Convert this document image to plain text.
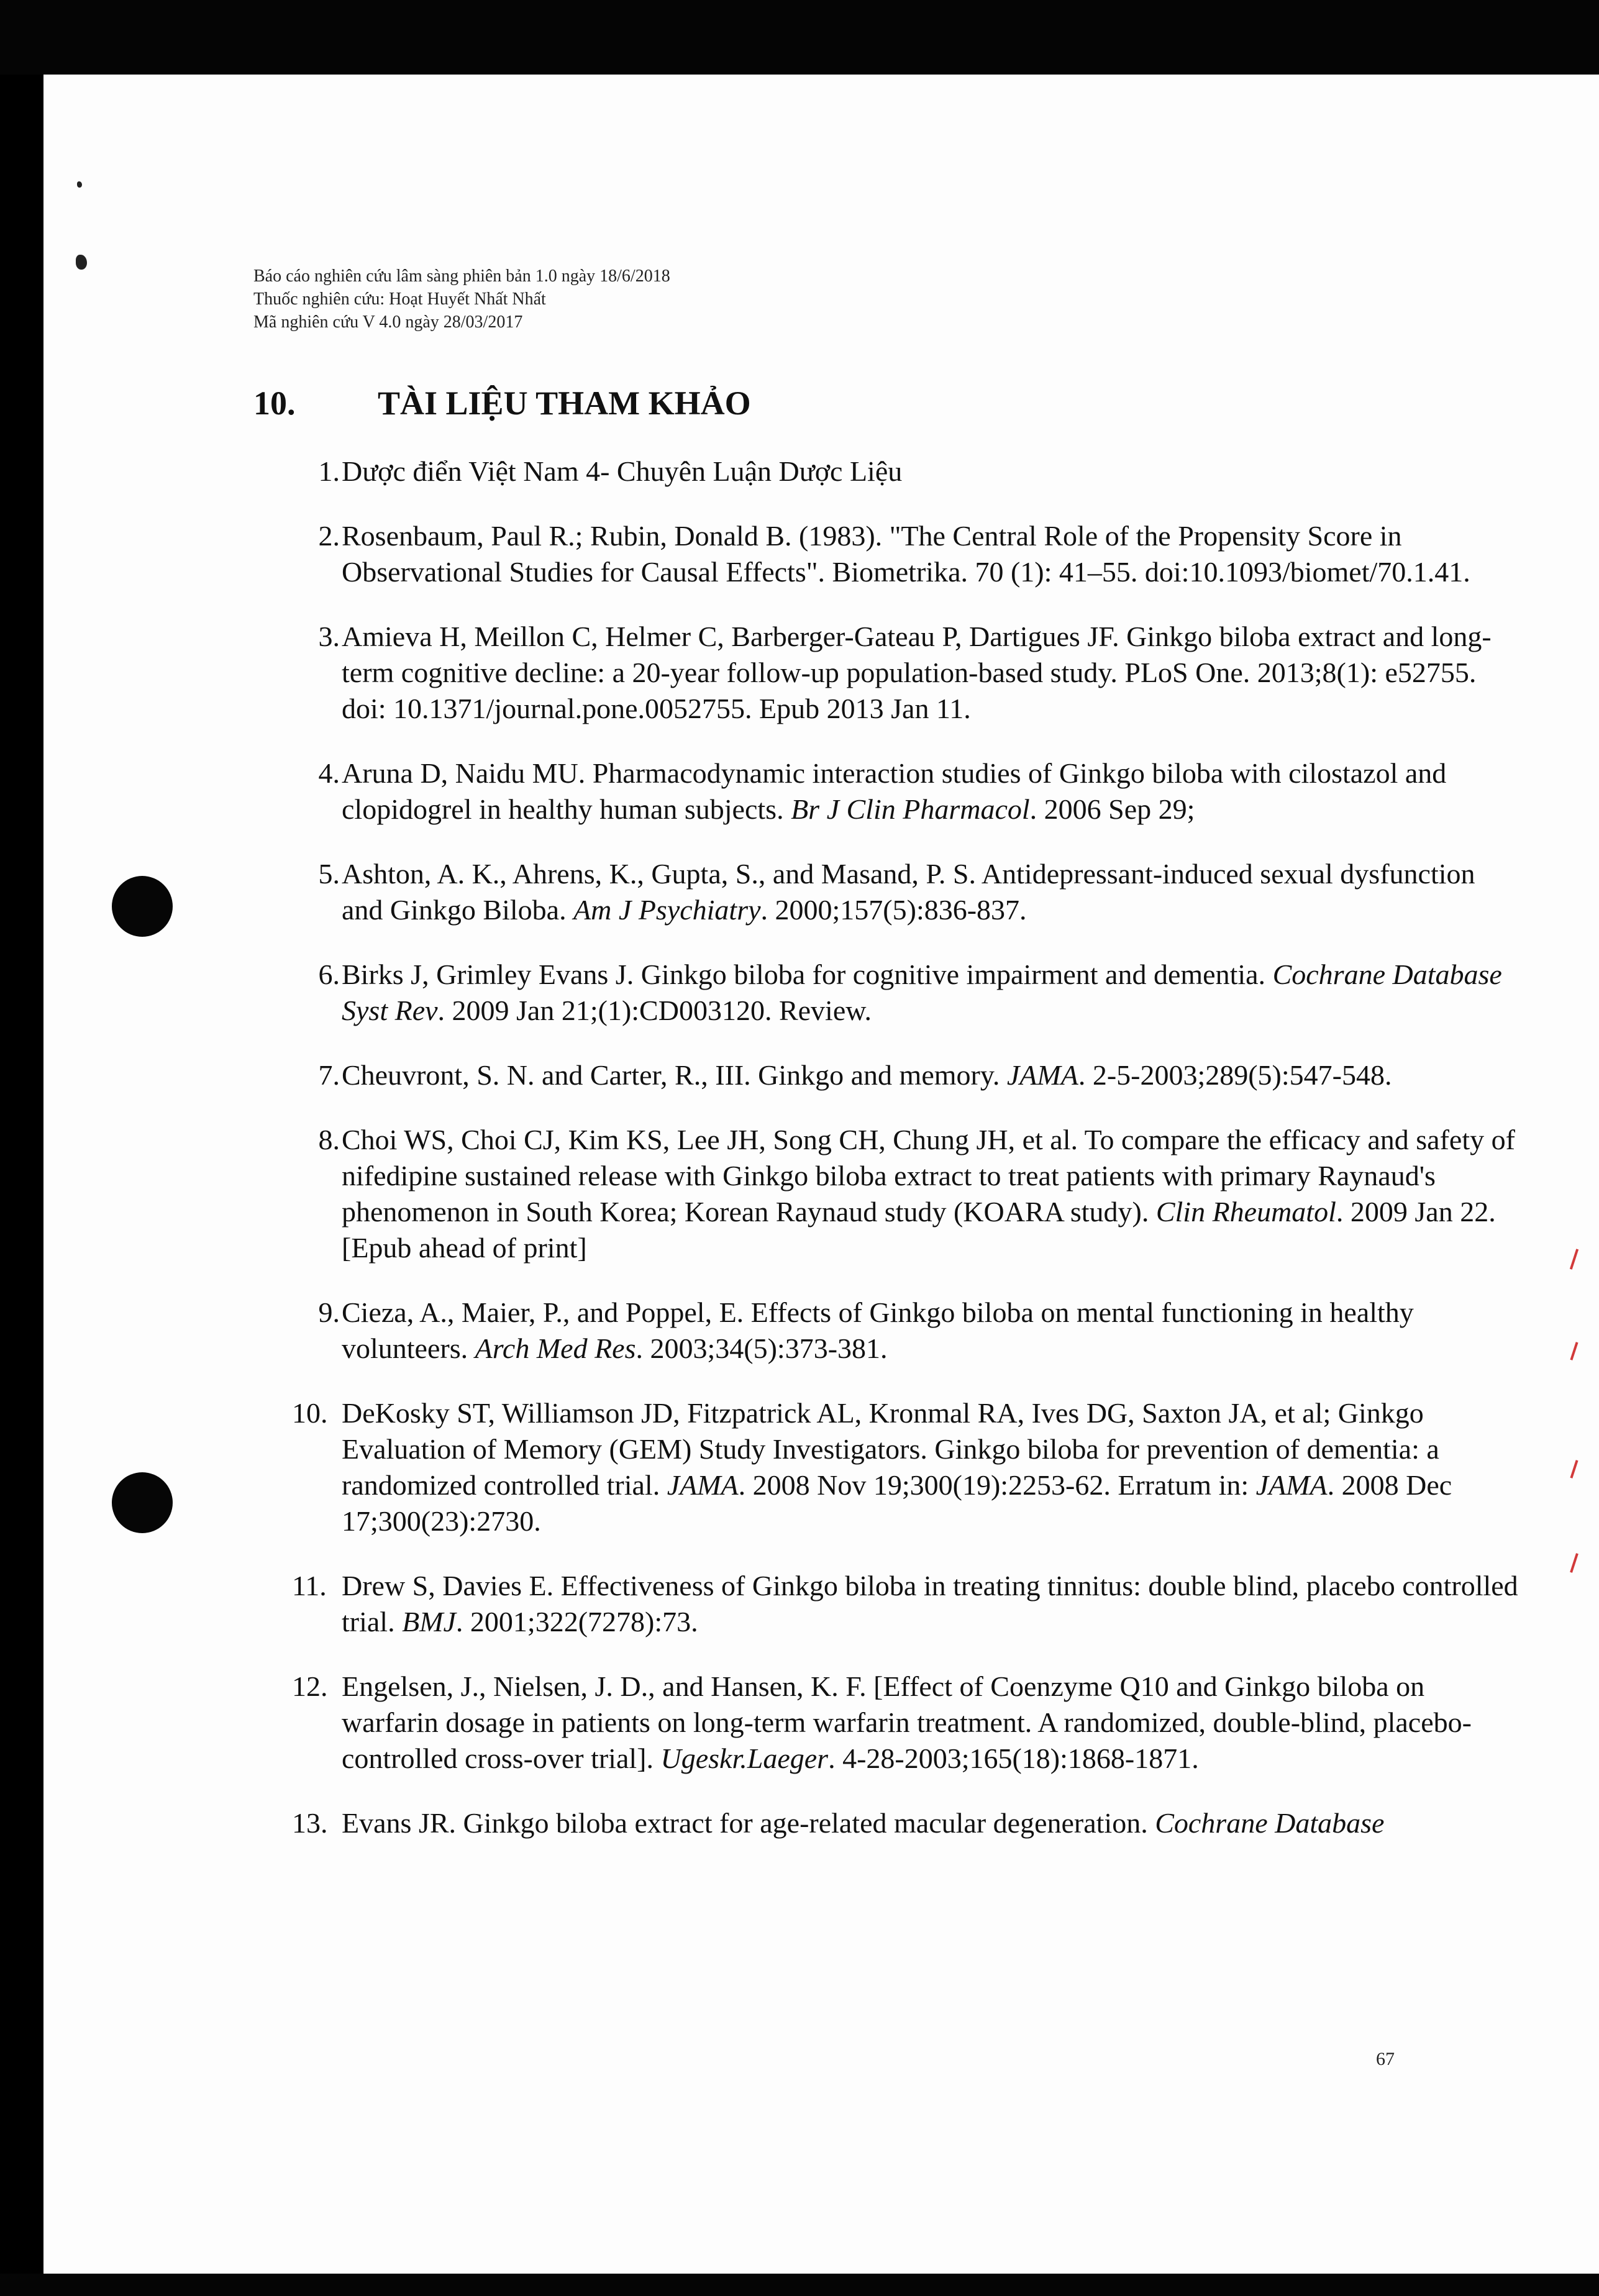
Báo cáo nghiên cứu lâm sàng phiên bản 1.0 ngày 18/6/2018
Thuốc nghiên cứu: Hoạt Huyết Nhất Nhất
Mã nghiên cứu V 4.0 ngày 28/03/2017
10. TÀI LIỆU THAM KHẢO
1. Dược điển Việt Nam 4- Chuyên Luận Dược Liệu
2. Rosenbaum, Paul R.; Rubin, Donald B. (1983). "The Central Role of the Propensity Score in Observational Studies for Causal Effects". Biometrika. 70 (1): 41–55. doi:10.1093/biomet/70.1.41.
3. Amieva H, Meillon C, Helmer C, Barberger-Gateau P, Dartigues JF. Ginkgo biloba extract and long-term cognitive decline: a 20-year follow-up population-based study. PLoS One. 2013;8(1): e52755. doi: 10.1371/journal.pone.0052755. Epub 2013 Jan 11.
4. Aruna D, Naidu MU. Pharmacodynamic interaction studies of Ginkgo biloba with cilostazol and clopidogrel in healthy human subjects. Br J Clin Pharmacol. 2006 Sep 29;
5. Ashton, A. K., Ahrens, K., Gupta, S., and Masand, P. S. Antidepressant-induced sexual dysfunction and Ginkgo Biloba. Am J Psychiatry. 2000;157(5):836-837.
6. Birks J, Grimley Evans J. Ginkgo biloba for cognitive impairment and dementia. Cochrane Database Syst Rev. 2009 Jan 21;(1):CD003120. Review.
7. Cheuvront, S. N. and Carter, R., III. Ginkgo and memory. JAMA. 2-5-2003;289(5):547-548.
8. Choi WS, Choi CJ, Kim KS, Lee JH, Song CH, Chung JH, et al. To compare the efficacy and safety of nifedipine sustained release with Ginkgo biloba extract to treat patients with primary Raynaud's phenomenon in South Korea; Korean Raynaud study (KOARA study). Clin Rheumatol. 2009 Jan 22. [Epub ahead of print]
9. Cieza, A., Maier, P., and Poppel, E. Effects of Ginkgo biloba on mental functioning in healthy volunteers. Arch Med Res. 2003;34(5):373-381.
10. DeKosky ST, Williamson JD, Fitzpatrick AL, Kronmal RA, Ives DG, Saxton JA, et al; Ginkgo Evaluation of Memory (GEM) Study Investigators. Ginkgo biloba for prevention of dementia: a randomized controlled trial. JAMA. 2008 Nov 19;300(19):2253-62. Erratum in: JAMA. 2008 Dec 17;300(23):2730.
11. Drew S, Davies E. Effectiveness of Ginkgo biloba in treating tinnitus: double blind, placebo controlled trial. BMJ. 2001;322(7278):73.
12. Engelsen, J., Nielsen, J. D., and Hansen, K. F. [Effect of Coenzyme Q10 and Ginkgo biloba on warfarin dosage in patients on long-term warfarin treatment. A randomized, double-blind, placebo-controlled cross-over trial]. Ugeskr.Laeger. 4-28-2003;165(18):1868-1871.
13. Evans JR. Ginkgo biloba extract for age-related macular degeneration. Cochrane Database
67
